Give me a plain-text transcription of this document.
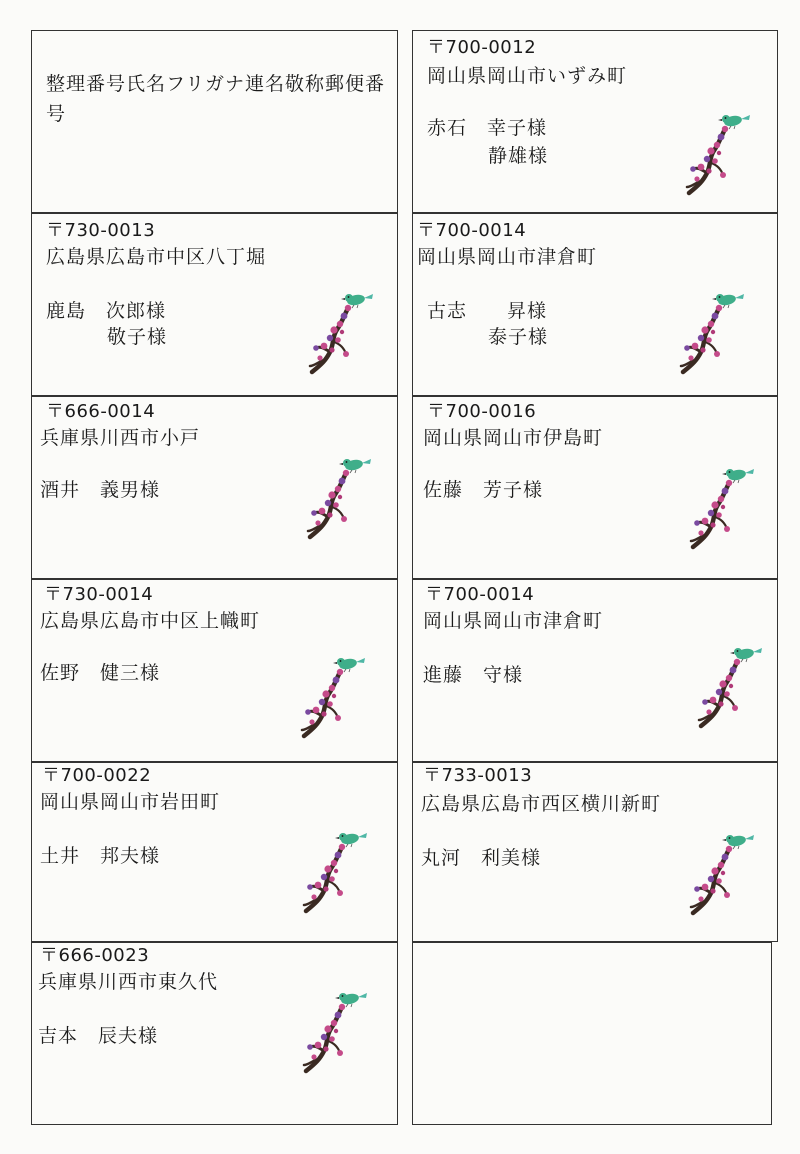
整理番号氏名フリガナ連名敬称郵便番号
〒700-0012
岡山県岡山市いずみ町
赤石　幸子様
静雄様
〒730-0013
広島県広島市中区八丁堀
鹿島　次郎様
敬子様
〒700-0014
岡山県岡山市津倉町
古志　　昇様
泰子様
〒666-0014
兵庫県川西市小戸
酒井　義男様
〒700-0016
岡山県岡山市伊島町
佐藤　芳子様
〒730-0014
広島県広島市中区上幟町
佐野　健三様
〒700-0014
岡山県岡山市津倉町
進藤　守様
〒700-0022
岡山県岡山市岩田町
土井　邦夫様
〒733-0013
広島県広島市西区横川新町
丸河　利美様
〒666-0023
兵庫県川西市東久代
吉本　辰夫様
